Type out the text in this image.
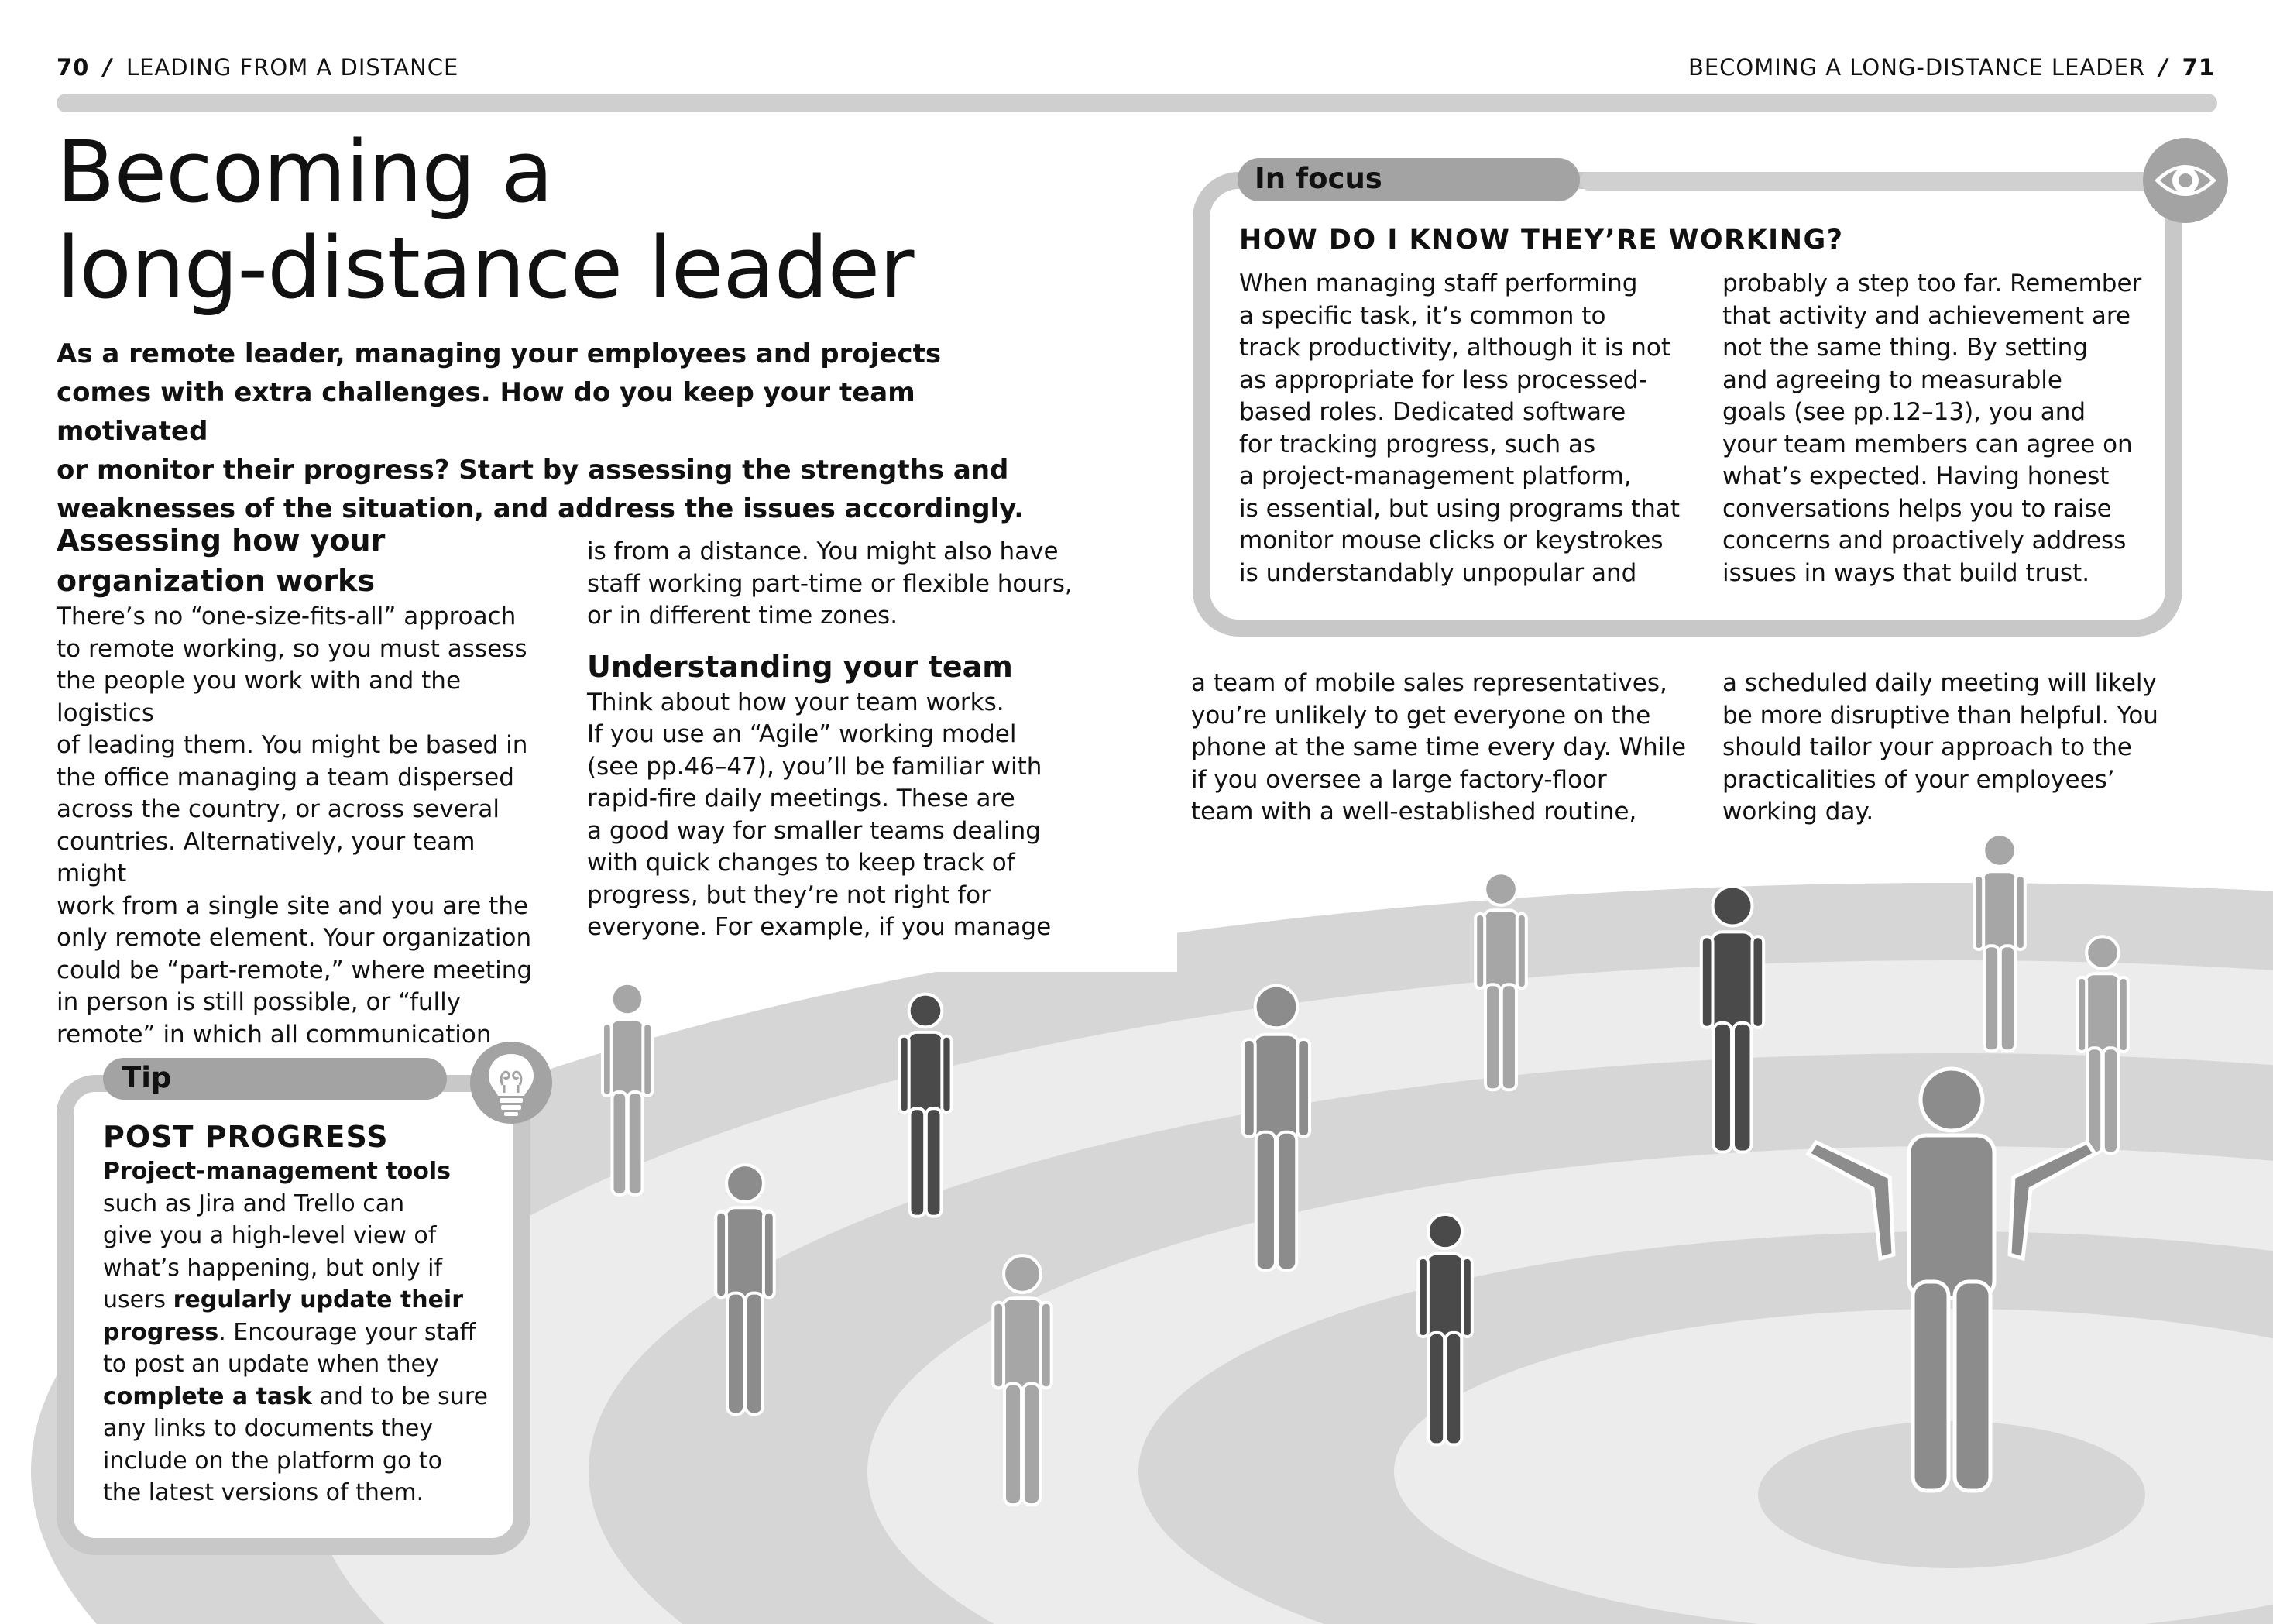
70 / LEADING FROM A DISTANCE	BECOMING A LONG-DISTANCE LEADER / 71
Becoming a
long-distance leader
As a remote leader, managing your employees and projects
comes with extra challenges. How do you keep your team motivated
or monitor their progress? Start by assessing the strengths and
weaknesses of the situation, and address the issues accordingly.
Assessing how your
organization works
There’s no “one-size-fits-all” approach
to remote working, so you must assess
the people you work with and the logistics
of leading them. You might be based in
the office managing a team dispersed
across the country, or across several
countries. Alternatively, your team might
work from a single site and you are the
only remote element. Your organization
could be “part-remote,” where meeting
in person is still possible, or “fully
remote” in which all communication
is from a distance. You might also have
staff working part-time or flexible hours,
or in different time zones.
Understanding your team
Think about how your team works.
If you use an “Agile” working model
(see pp.46–47), you’ll be familiar with
rapid-fire daily meetings. These are
a good way for smaller teams dealing
with quick changes to keep track of
progress, but they’re not right for
everyone. For example, if you manage
a team of mobile sales representatives,
you’re unlikely to get everyone on the
phone at the same time every day. While
if you oversee a large factory-floor
team with a well-established routine,
a scheduled daily meeting will likely
be more disruptive than helpful. You
should tailor your approach to the
practicalities of your employees’
working day.
In focus
HOW DO I KNOW THEY’RE WORKING?
When managing staff performing
a specific task, it’s common to
track productivity, although it is not
as appropriate for less processed-
based roles. Dedicated software
for tracking progress, such as
a project-management platform,
is essential, but using programs that
monitor mouse clicks or keystrokes
is understandably unpopular and
probably a step too far. Remember
that activity and achievement are
not the same thing. By setting
and agreeing to measurable
goals (see pp.12–13), you and
your team members can agree on
what’s expected. Having honest
conversations helps you to raise
concerns and proactively address
issues in ways that build trust.
Tip
POST PROGRESS
Project-management tools
such as Jira and Trello can
give you a high-level view of
what’s happening, but only if
users regularly update their
progress. Encourage your staff
to post an update when they
complete a task and to be sure
any links to documents they
include on the platform go to
the latest versions of them.
